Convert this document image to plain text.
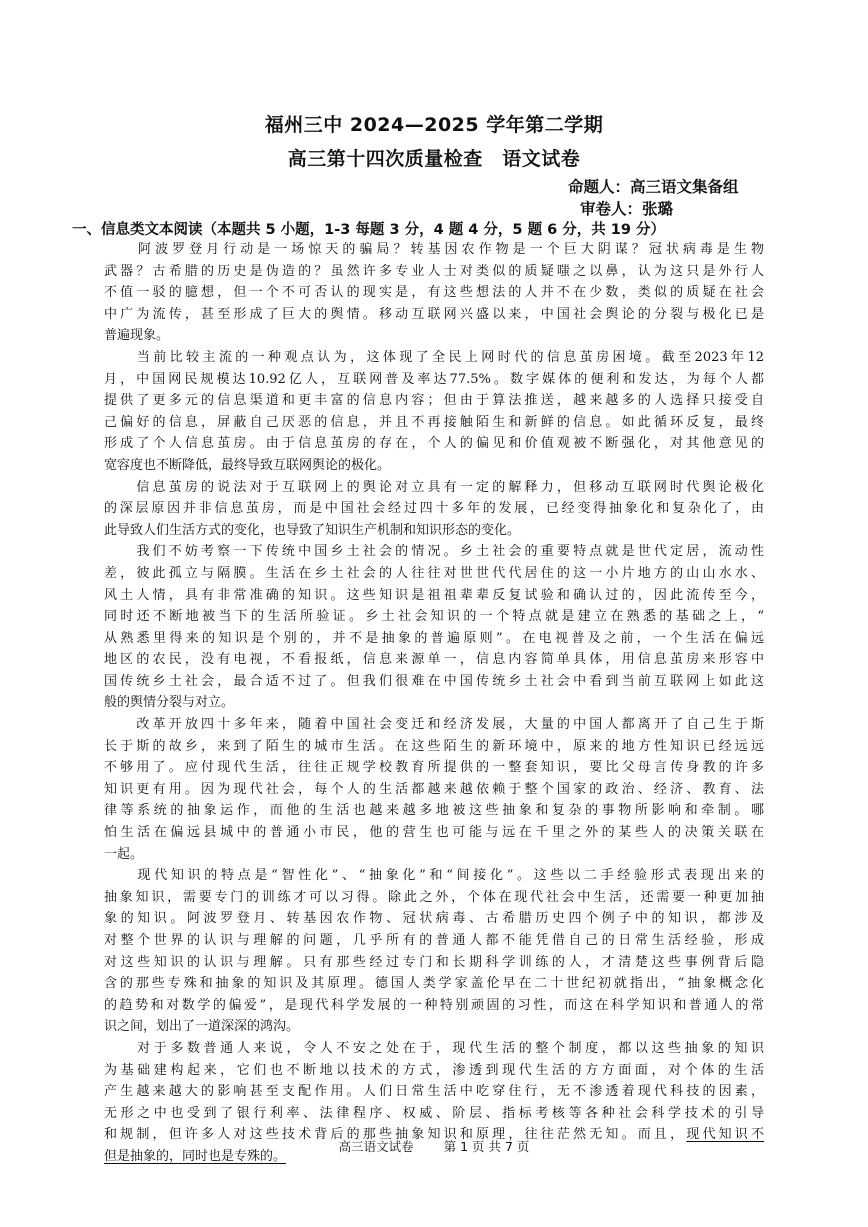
福州三中 2024—2025 学年第二学期
高三第十四次质量检查　语文试卷
命题人：高三语文集备组
审卷人：张璐
一、信息类文本阅读（本题共 5 小题，1-3 每题 3 分，4 题 4 分，5 题 6 分，共 19 分）
　　阿波罗登月行动是一场惊天的骗局？转基因农作物是一个巨大阴谋？冠状病毒是生物
武器？古希腊的历史是伪造的？虽然许多专业人士对类似的质疑嗤之以鼻，认为这只是外行人
不值一驳的臆想，但一个不可否认的现实是，有这些想法的人并不在少数，类似的质疑在社会
中广为流传，甚至形成了巨大的舆情。移动互联网兴盛以来，中国社会舆论的分裂与极化已是
普遍现象。
　　当前比较主流的一种观点认为，这体现了全民上网时代的信息茧房困境。截至2023年12
月，中国网民规模达10.92亿人，互联网普及率达77.5%。数字媒体的便利和发达，为每个人都
提供了更多元的信息渠道和更丰富的信息内容；但由于算法推送，越来越多的人选择只接受自
己偏好的信息，屏蔽自己厌恶的信息，并且不再接触陌生和新鲜的信息。如此循环反复，最终
形成了个人信息茧房。由于信息茧房的存在，个人的偏见和价值观被不断强化，对其他意见的
宽容度也不断降低，最终导致互联网舆论的极化。
　　信息茧房的说法对于互联网上的舆论对立具有一定的解释力，但移动互联网时代舆论极化
的深层原因并非信息茧房，而是中国社会经过四十多年的发展，已经变得抽象化和复杂化了，由
此导致人们生活方式的变化，也导致了知识生产机制和知识形态的变化。
　　我们不妨考察一下传统中国乡土社会的情况。乡土社会的重要特点就是世代定居，流动性
差，彼此孤立与隔膜。生活在乡土社会的人往往对世世代代居住的这一小片地方的山山水水、
风土人情，具有非常准确的知识。这些知识是祖祖辈辈反复试验和确认过的，因此流传至今，
同时还不断地被当下的生活所验证。乡土社会知识的一个特点就是建立在熟悉的基础之上，“
从熟悉里得来的知识是个别的，并不是抽象的普遍原则”。在电视普及之前，一个生活在偏远
地区的农民，没有电视，不看报纸，信息来源单一，信息内容简单具体，用信息茧房来形容中
国传统乡土社会，最合适不过了。但我们很难在中国传统乡土社会中看到当前互联网上如此这
般的舆情分裂与对立。
　　改革开放四十多年来，随着中国社会变迁和经济发展，大量的中国人都离开了自己生于斯
长于斯的故乡，来到了陌生的城市生活。在这些陌生的新环境中，原来的地方性知识已经远远
不够用了。应付现代生活，往往正规学校教育所提供的一整套知识，要比父母言传身教的许多
知识更有用。因为现代社会，每个人的生活都越来越依赖于整个国家的政治、经济、教育、法
律等系统的抽象运作，而他的生活也越来越多地被这些抽象和复杂的事物所影响和牵制。哪
怕生活在偏远县城中的普通小市民，他的营生也可能与远在千里之外的某些人的决策关联在
一起。
　　现代知识的特点是“智性化”、“抽象化”和“间接化”。这些以二手经验形式表现出来的
抽象知识，需要专门的训练才可以习得。除此之外，个体在现代社会中生活，还需要一种更加抽
象的知识。阿波罗登月、转基因农作物、冠状病毒、古希腊历史四个例子中的知识，都涉及
对整个世界的认识与理解的问题，几乎所有的普通人都不能凭借自己的日常生活经验，形成
对这些知识的认识与理解。只有那些经过专门和长期科学训练的人，才清楚这些事例背后隐
含的那些专殊和抽象的知识及其原理。德国人类学家盖伦早在二十世纪初就指出，“抽象概念化
的趋势和对数学的偏爱”，是现代科学发展的一种特别顽固的习性，而这在科学知识和普通人的常
识之间，划出了一道深深的鸿沟。
　　对于多数普通人来说，令人不安之处在于，现代生活的整个制度，都以这些抽象的知识
为基础建构起来，它们也不断地以技术的方式，渗透到现代生活的方方面面，对个体的生活
产生越来越大的影响甚至支配作用。人们日常生活中吃穿住行，无不渗透着现代科技的因素，
无形之中也受到了银行利率、法律程序、权威、阶层、指标考核等各种社会科学技术的引导
和规制，但许多人对这些技术背后的那些抽象知识和原理，往往茫然无知。而且，现代知识不
但是抽象的，同时也是专殊的。
高三语文试卷 第 1 页 共 7 页
